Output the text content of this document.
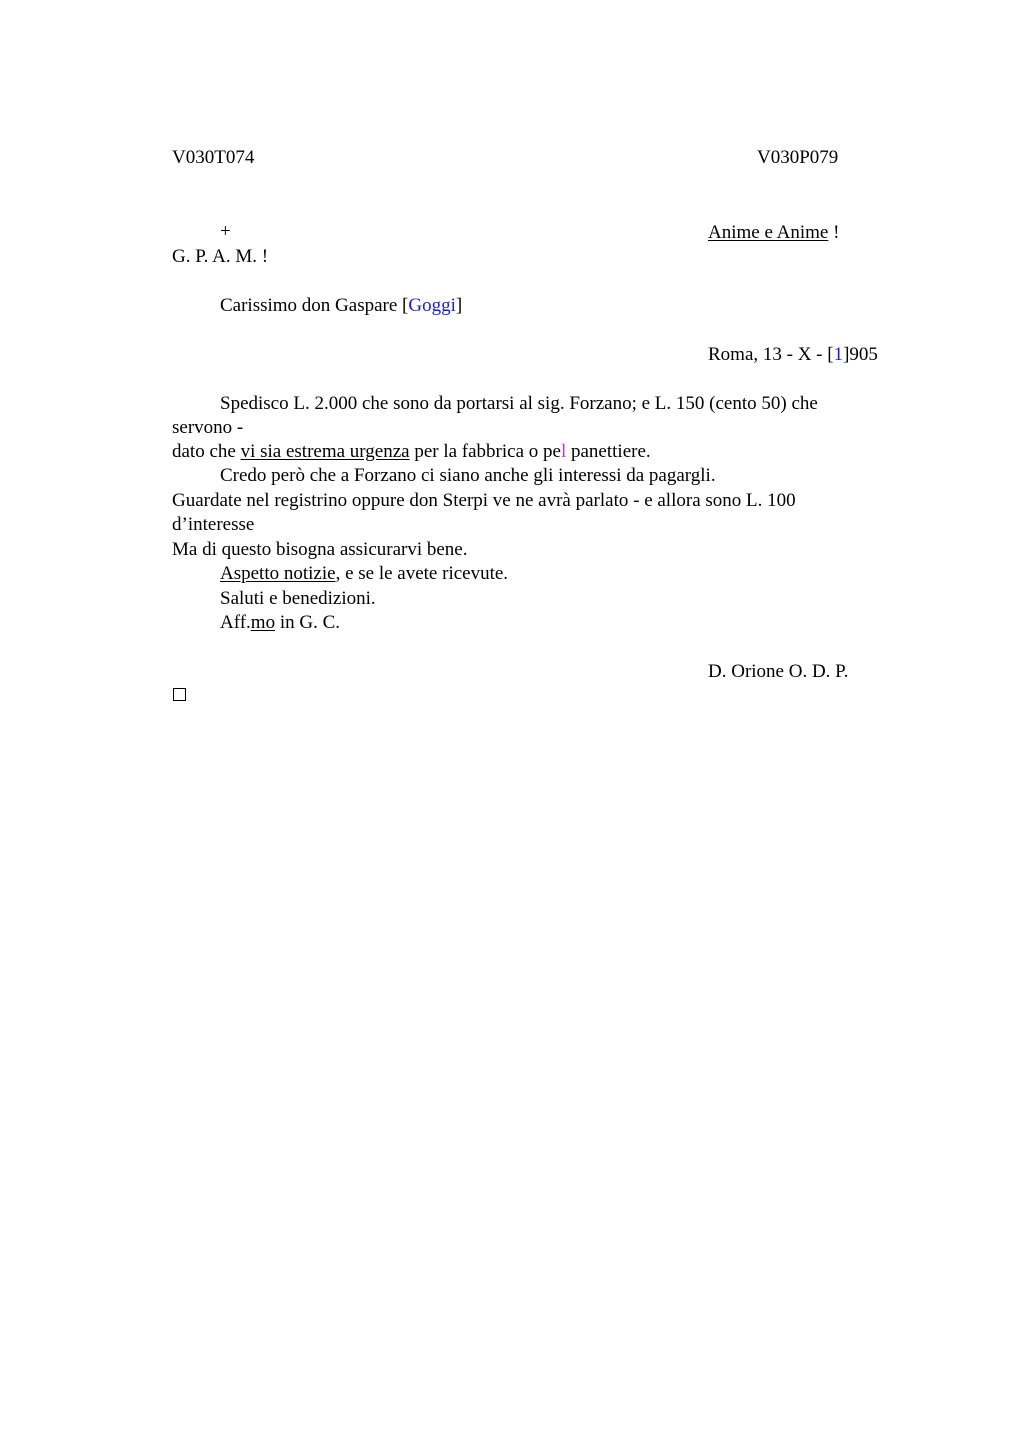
V030T074	V030P079
+	Anime e Anime !
G. P. A. M. !
Carissimo don Gaspare [Goggi]
Roma, 13 - X - [1]905
Spedisco L. 2.000 che sono da portarsi al sig. Forzano; e L. 150 (cento 50) che
servono -
dato che vi sia estrema urgenza per la fabbrica o pel panettiere.
Credo però che a Forzano ci siano anche gli interessi da pagargli.
Guardate nel registrino oppure don Sterpi ve ne avrà parlato - e allora sono L. 100
d’interesse
Ma di questo bisogna assicurarvi bene.
Aspetto notizie, e se le avete ricevute.
Saluti e benedizioni.
Aff.mo in G. C.
D. Orione O. D. P.
